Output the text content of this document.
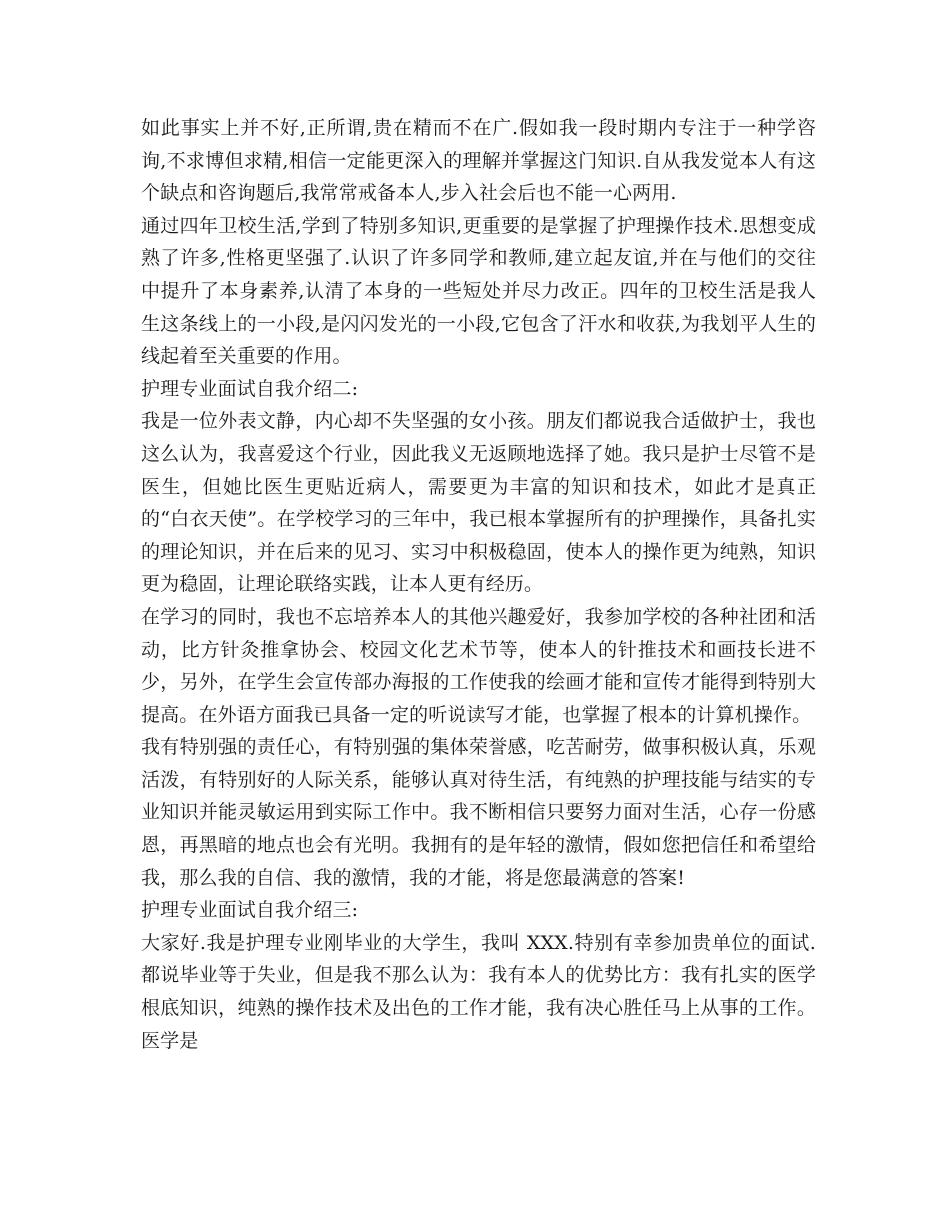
如此事实上并不好,正所谓,贵在精而不在广.假如我一段时期内专注于一种学咨询,不求博但求精,相信一定能更深入的理解并掌握这门知识.自从我发觉本人有这个缺点和咨询题后,我常常戒备本人,步入社会后也不能一心两用.

通过四年卫校生活,学到了特别多知识,更重要的是掌握了护理操作技术.思想变成熟了许多,性格更坚强了.认识了许多同学和教师,建立起友谊,并在与他们的交往中提升了本身素养,认清了本身的一些短处并尽力改正。四年的卫校生活是我人生这条线上的一小段,是闪闪发光的一小段,它包含了汗水和收获,为我划平人生的线起着至关重要的作用。

护理专业面试自我介绍二:

我是一位外表文静，内心却不失坚强的女小孩。朋友们都说我合适做护士，我也这么认为，我喜爱这个行业，因此我义无返顾地选择了她。我只是护士尽管不是医生，但她比医生更贴近病人，需要更为丰富的知识和技术，如此才是真正的“白衣天使”。在学校学习的三年中，我已根本掌握所有的护理操作，具备扎实的理论知识，并在后来的见习、实习中积极稳固，使本人的操作更为纯熟，知识更为稳固，让理论联络实践，让本人更有经历。

在学习的同时，我也不忘培养本人的其他兴趣爱好，我参加学校的各种社团和活动，比方针灸推拿协会、校园文化艺术节等，使本人的针推技术和画技长进不少，另外，在学生会宣传部办海报的工作使我的绘画才能和宣传才能得到特别大提高。在外语方面我已具备一定的听说读写才能，也掌握了根本的计算机操作。

我有特别强的责任心，有特别强的集体荣誉感，吃苦耐劳，做事积极认真，乐观活泼，有特别好的人际关系，能够认真对待生活，有纯熟的护理技能与结实的专业知识并能灵敏运用到实际工作中。我不断相信只要努力面对生活，心存一份感恩，再黑暗的地点也会有光明。我拥有的是年轻的激情，假如您把信任和希望给我，那么我的自信、我的激情，我的才能，将是您最满意的答案!

护理专业面试自我介绍三:

大家好.我是护理专业刚毕业的大学生，我叫 XXX.特别有幸参加贵单位的面试.都说毕业等于失业，但是我不那么认为：我有本人的优势比方：我有扎实的医学根底知识，纯熟的操作技术及出色的工作才能，我有决心胜任马上从事的工作。医学是
